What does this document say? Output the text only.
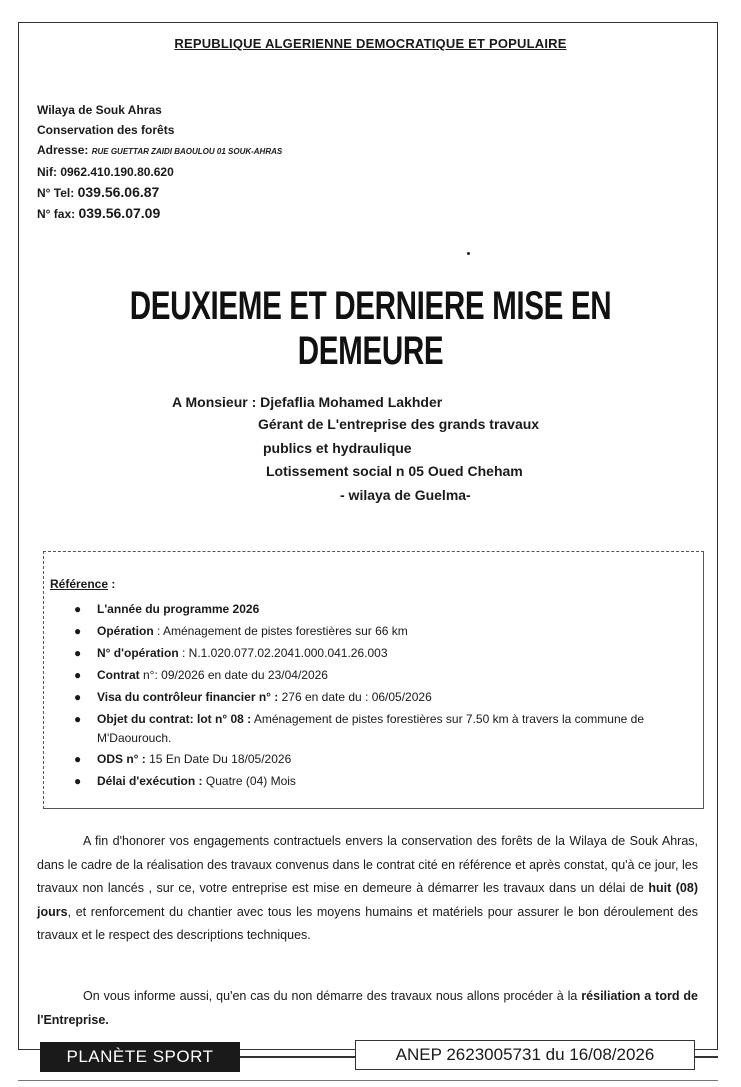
REPUBLIQUE ALGERIENNE DEMOCRATIQUE ET POPULAIRE
Wilaya de Souk Ahras
Conservation des forêts
Adresse: RUE GUETTAR ZAIDI BAOULOU 01 SOUK-AHRAS
Nif: 0962.410.190.80.620
N° Tel: 039.56.06.87
N° fax: 039.56.07.09
DEUXIEME ET DERNIERE MISE EN DEMEURE
A Monsieur : Djefaflia Mohamed Lakhder
Gérant de L'entreprise des grands travaux
publics et hydraulique
Lotissement social n 05 Oued Cheham
- wilaya de Guelma-
Référence :
● L'année du programme 2026
● Opération : Aménagement de pistes forestières sur 66 km
● N° d'opération : N.1.020.077.02.2041.000.041.26.003
● Contrat n°: 09/2026 en date du 23/04/2026
● Visa du contrôleur financier n° : 276 en date du : 06/05/2026
● Objet du contrat: lot n° 08 : Aménagement de pistes forestières sur 7.50 km à travers la commune de M'Daourouch.
● ODS n° : 15 En Date Du 18/05/2026
● Délai d'exécution : Quatre (04) Mois

A fin d'honorer vos engagements contractuels envers la conservation des forêts de la Wilaya de Souk Ahras, dans le cadre de la réalisation des travaux convenus dans le contrat cité en référence et après constat, qu'à ce jour, les travaux non lancés , sur ce, votre entreprise est mise en demeure à démarrer les travaux dans un délai de huit (08) jours, et renforcement du chantier avec tous les moyens humains et matériels pour assurer le bon déroulement des travaux et le respect des descriptions techniques.

On vous informe aussi, qu'en cas du non démarre des travaux nous allons procéder à la résiliation a tord de l'Entreprise.

PLANÈTE SPORT	ANEP 2623005731 du 16/08/2026
